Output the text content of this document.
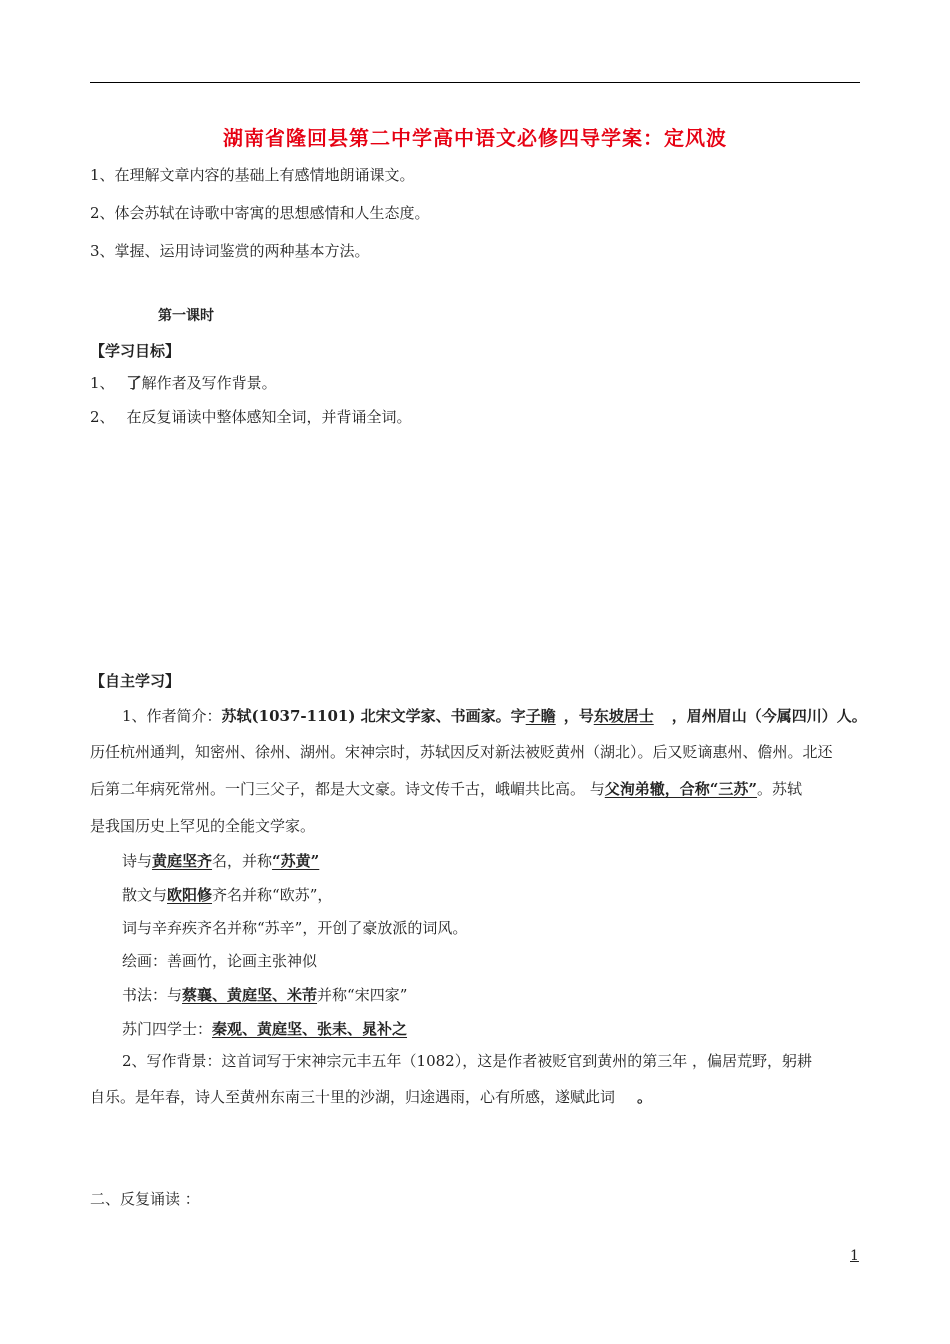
湖南省隆回县第二中学高中语文必修四导学案：定风波
1、在理解文章内容的基础上有感情地朗诵课文。
2、体会苏轼在诗歌中寄寓的思想感情和人生态度。
3、掌握、运用诗词鉴赏的两种基本方法。
第一课时
【学习目标】
1、 了解作者及写作背景。
2、 在反复诵读中整体感知全词，并背诵全词。
【自主学习】
1、作者简介：苏轼(1037-1101) 北宋文学家、书画家。字子瞻 ，号东坡居士 ，眉州眉山（今属四川）人。
历任杭州通判，知密州、徐州、湖州。宋神宗时，苏轼因反对新法被贬黄州（湖北）。后又贬谪惠州、儋州。北还
后第二年病死常州。一门三父子，都是大文豪。诗文传千古，峨嵋共比高。 与父洵弟辙，合称“三苏”。苏轼
是我国历史上罕见的全能文学家。
诗与黄庭坚齐名，并称“苏黄”
散文与欧阳修齐名并称“欧苏”，
词与辛弃疾齐名并称“苏辛”，开创了豪放派的词风。
绘画：善画竹，论画主张神似
书法：与蔡襄、黄庭坚、米芾并称“宋四家”
苏门四学士：秦观、黄庭坚、张耒、晁补之
2、写作背景：这首词写于宋神宗元丰五年（1082），这是作者被贬官到黄州的第三年 ，偏居荒野，躬耕
自乐。是年春，诗人至黄州东南三十里的沙湖，归途遇雨，心有所感，遂赋此词 。
二、反复诵读 ：
1
